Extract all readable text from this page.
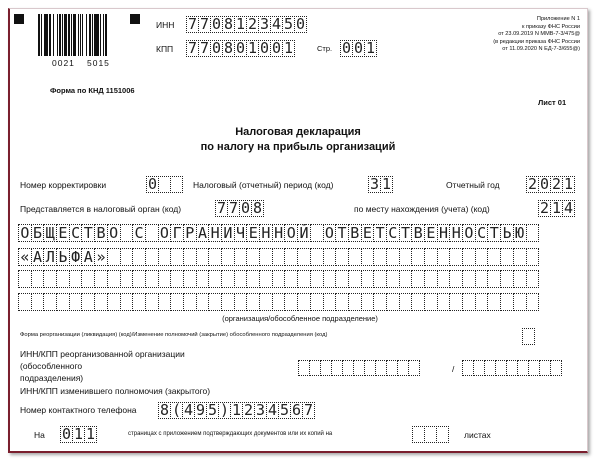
0021 5015
ИНН 7 7 0 8 1 2 3 4 5 0
КПП 7 7 0 8 0 1 0 0 1	Стр. 0 0 1
Приложение N 1
к приказу ФНС России
от 23.09.2019 N ММВ-7-3/475@
(в редакции приказа ФНС России
от 11.09.2020 N ЕД-7-3/655@)
Форма по КНД 1151006
Лист 01
Налоговая декларация
по налогу на прибыль организаций
Номер корректировки	0	Налоговый (отчетный) период (код) 3 1	Отчетный год 2 0 2 1
Представляется в налоговый орган (код) 7 7 0 8	по месту нахождения (учета) (код)	2 1 4
О Б Щ Е С Т В О С О Г Р А Н И Ч Е Н Н О Й О Т В Е Т С Т В Е Н Н О С Т Ь Ю
« А Л Ь Ф А »
(организация/обособленное подразделение)
Форма реорганизации (ликвидация) (код)/Изменение полномочий (закрытие) обособленного подразделения (код)
ИНН/КПП реорганизованной организации
(обособленного
подразделения)
/
ИНН/КПП изменившего полномочия (закрытого)
Номер контактного телефона 8 ( 4 9 5 ) 1 2 3 4 5 6 7
На 0 1 1	страницах с приложением подтверждающих документов или их копий на	листах
